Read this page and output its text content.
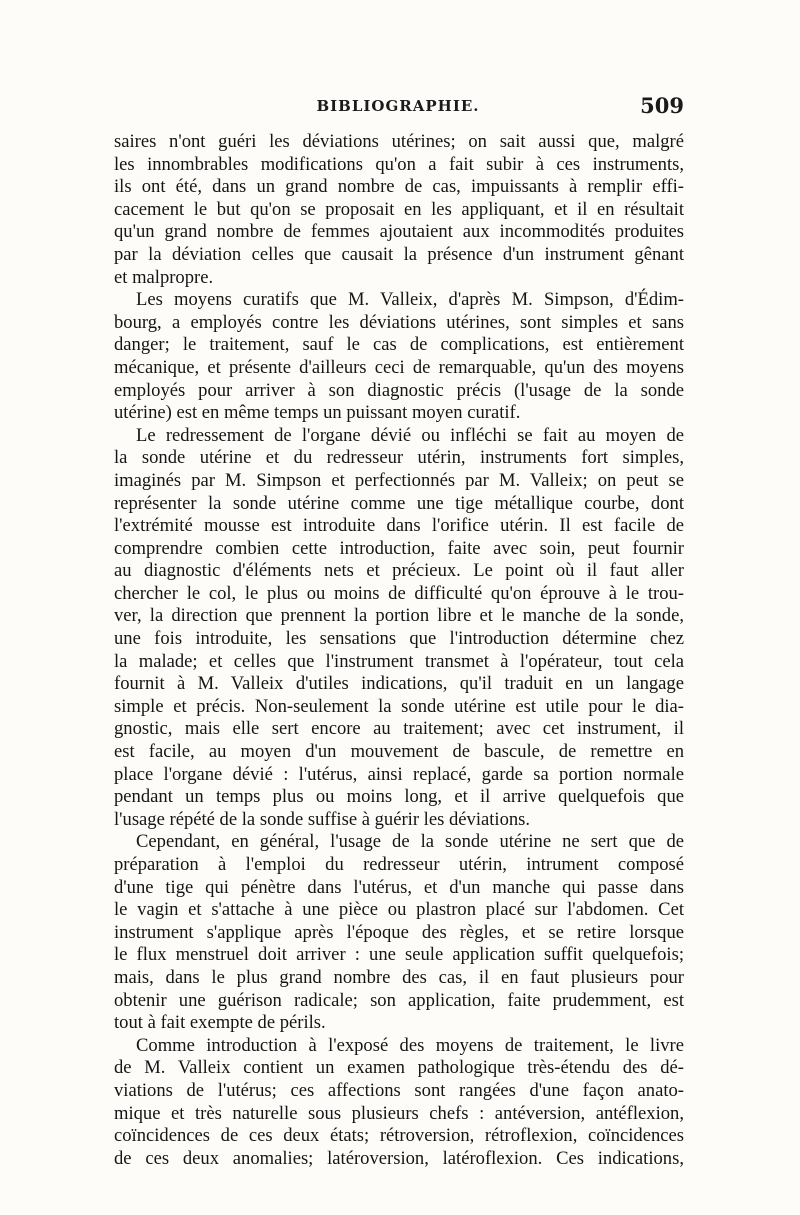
BIBLIOGRAPHIE.	509
saires n'ont guéri les déviations utérines; on sait aussi que, malgré
les innombrables modifications qu'on a fait subir à ces instruments,
ils ont été, dans un grand nombre de cas, impuissants à remplir effi-
cacement le but qu'on se proposait en les appliquant, et il en résultait
qu'un grand nombre de femmes ajoutaient aux incommodités produites
par la déviation celles que causait la présence d'un instrument gênant
et malpropre.
Les moyens curatifs que M. Valleix, d'après M. Simpson, d'Édim-
bourg, a employés contre les déviations utérines, sont simples et sans
danger; le traitement, sauf le cas de complications, est entièrement
mécanique, et présente d'ailleurs ceci de remarquable, qu'un des moyens
employés pour arriver à son diagnostic précis (l'usage de la sonde
utérine) est en même temps un puissant moyen curatif.
Le redressement de l'organe dévié ou infléchi se fait au moyen de
la sonde utérine et du redresseur utérin, instruments fort simples,
imaginés par M. Simpson et perfectionnés par M. Valleix; on peut se
représenter la sonde utérine comme une tige métallique courbe, dont
l'extrémité mousse est introduite dans l'orifice utérin. Il est facile de
comprendre combien cette introduction, faite avec soin, peut fournir
au diagnostic d'éléments nets et précieux. Le point où il faut aller
chercher le col, le plus ou moins de difficulté qu'on éprouve à le trou-
ver, la direction que prennent la portion libre et le manche de la sonde,
une fois introduite, les sensations que l'introduction détermine chez
la malade; et celles que l'instrument transmet à l'opérateur, tout cela
fournit à M. Valleix d'utiles indications, qu'il traduit en un langage
simple et précis. Non-seulement la sonde utérine est utile pour le dia-
gnostic, mais elle sert encore au traitement; avec cet instrument, il
est facile, au moyen d'un mouvement de bascule, de remettre en
place l'organe dévié : l'utérus, ainsi replacé, garde sa portion normale
pendant un temps plus ou moins long, et il arrive quelquefois que
l'usage répété de la sonde suffise à guérir les déviations.
Cependant, en général, l'usage de la sonde utérine ne sert que de
préparation à l'emploi du redresseur utérin, intrument composé
d'une tige qui pénètre dans l'utérus, et d'un manche qui passe dans
le vagin et s'attache à une pièce ou plastron placé sur l'abdomen. Cet
instrument s'applique après l'époque des règles, et se retire lorsque
le flux menstruel doit arriver : une seule application suffit quelquefois;
mais, dans le plus grand nombre des cas, il en faut plusieurs pour
obtenir une guérison radicale; son application, faite prudemment, est
tout à fait exempte de périls.
Comme introduction à l'exposé des moyens de traitement, le livre
de M. Valleix contient un examen pathologique très-étendu des dé-
viations de l'utérus; ces affections sont rangées d'une façon anato-
mique et très naturelle sous plusieurs chefs : antéversion, antéflexion,
coïncidences de ces deux états; rétroversion, rétroflexion, coïncidences
de ces deux anomalies; latéroversion, latéroflexion. Ces indications,
